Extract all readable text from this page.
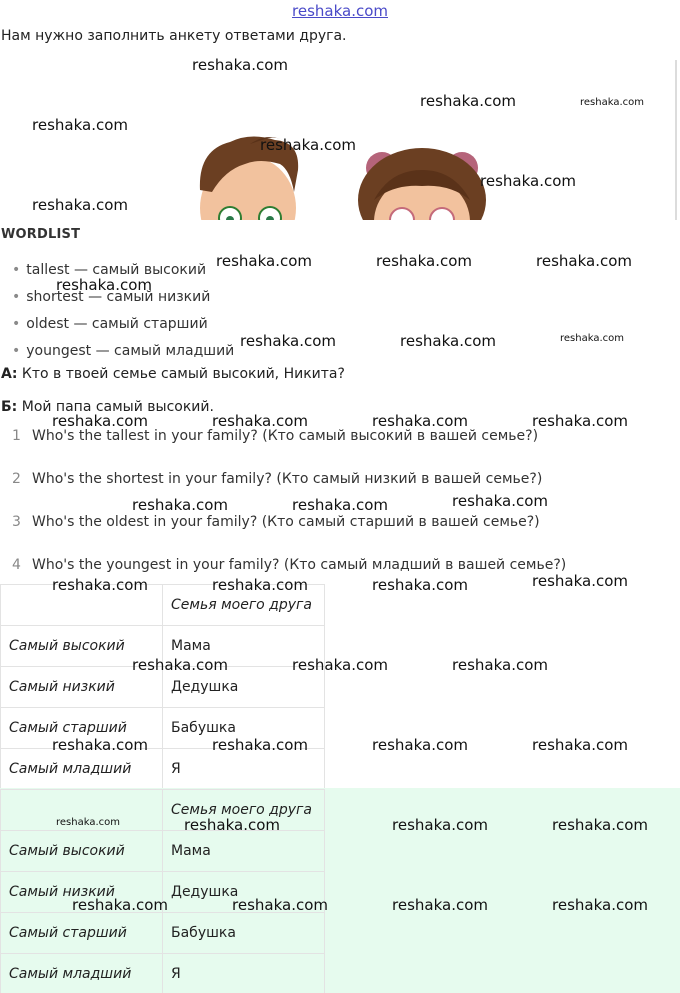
reshaka.com
Нам нужно заполнить анкету ответами друга.
WORDLIST
• tallest — самый высокий
• shortest — самый низкий
• oldest — самый старший
• youngest — самый младший
А: Кто в твоей семье самый высокий, Никита?
Б: Мой папа самый высокий.
1 Who's the tallest in your family? (Кто самый высокий в вашей семье?)
2 Who's the shortest in your family? (Кто самый низкий в вашей семье?)
3 Who's the oldest in your family? (Кто самый старший в вашей семье?)
4 Who's the youngest in your family? (Кто самый младший в вашей семье?)
	Семья моего друга
Самый высокий	Мама
Самый низкий	Дедушка
Самый старший	Бабушка
Самый младший	Я
	Семья моего друга
Самый высокий	Мама
Самый низкий	Дедушка
Самый старший	Бабушка
Самый младший	Я
reshaka.com
reshaka.com	reshaka.com
reshaka.com
reshaka.com
reshaka.com
reshaka.com
reshaka.com	reshaka.com	reshaka.com
reshaka.com
reshaka.com	reshaka.com	reshaka.com
reshaka.com	reshaka.com	reshaka.com	reshaka.com
reshaka.com	reshaka.com	reshaka.com
reshaka.com	reshaka.com	reshaka.com	reshaka.com
reshaka.com	reshaka.com	reshaka.com
reshaka.com	reshaka.com	reshaka.com	reshaka.com
reshaka.com	reshaka.com	reshaka.com	reshaka.com
reshaka.com	reshaka.com	reshaka.com	reshaka.com
